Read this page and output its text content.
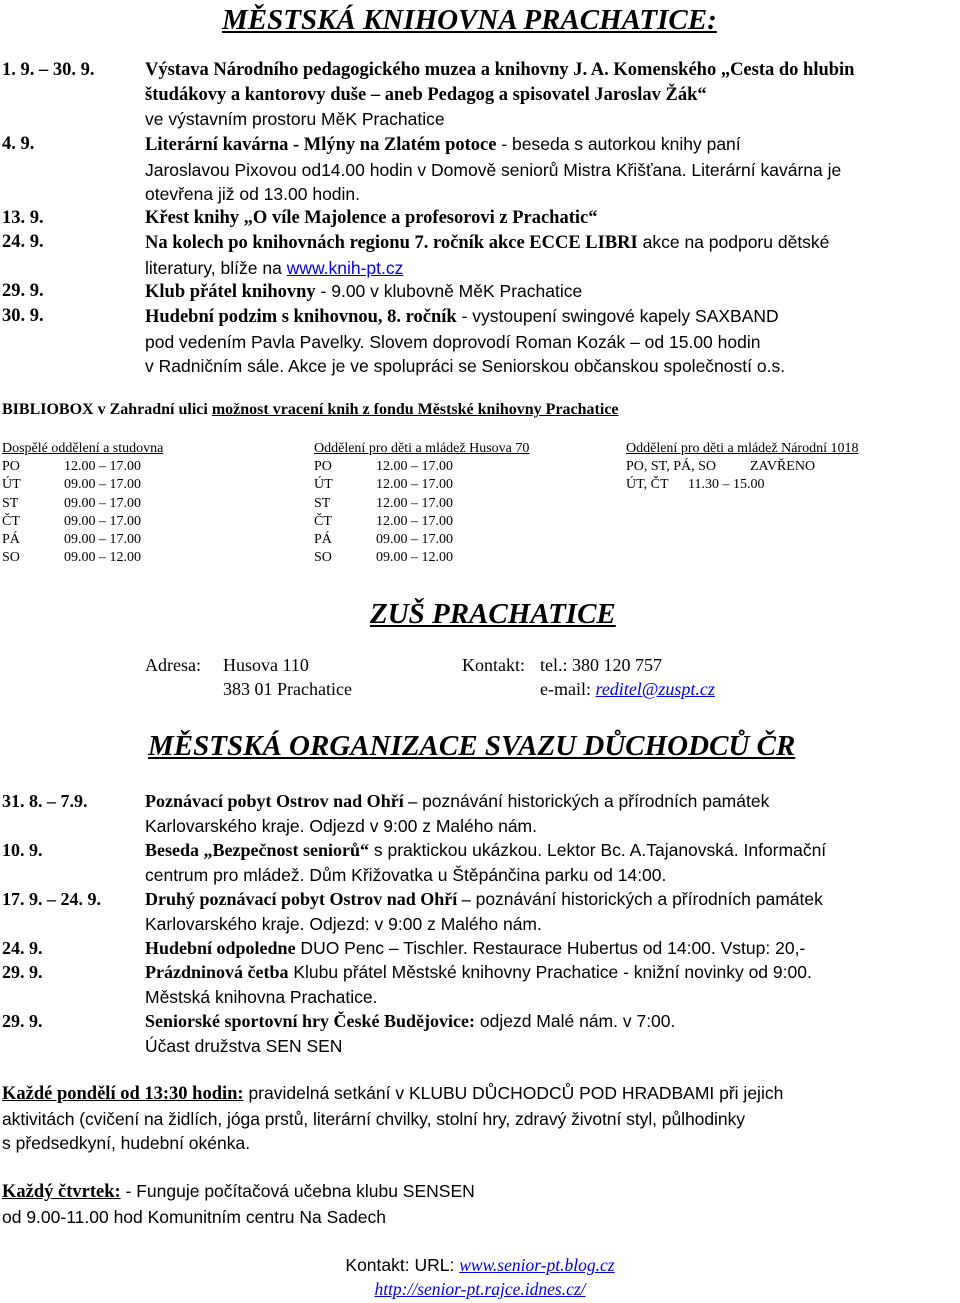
MĚSTSKÁ KNIHOVNA PRACHATICE:
1. 9. – 30. 9.	Výstava Národního pedagogického muzea a knihovny J. A. Komenského „Cesta do hlubin
študákovy a kantorovy duše – aneb Pedagog a spisovatel Jaroslav Žák“
ve výstavním prostoru MěK Prachatice
4. 9.	Literární kavárna - Mlýny na Zlatém potoce - beseda s autorkou knihy paní
Jaroslavou Pixovou od14.00 hodin v Domově seniorů Mistra Křišťana. Literární kavárna je
otevřena již od 13.00 hodin.
13. 9.	Křest knihy „O víle Majolence a profesorovi z Prachatic“
24. 9.	Na kolech po knihovnách regionu 7. ročník akce ECCE LIBRI akce na podporu dětské
literatury, blíže na www.knih-pt.cz
29. 9.	Klub přátel knihovny - 9.00 v klubovně MěK Prachatice
30. 9.	Hudební podzim s knihovnou, 8. ročník - vystoupení swingové kapely SAXBAND
pod vedením Pavla Pavelky. Slovem doprovodí Roman Kozák – od 15.00 hodin
v Radničním sále. Akce je ve spolupráci se Seniorskou občanskou společností o.s.
BIBLIOBOX v Zahradní ulici možnost vracení knih z fondu Městské knihovny Prachatice
Dospělé oddělení a studovna
PO	12.00 – 17.00
ÚT	09.00 – 17.00
ST	09.00 – 17.00
ČT	09.00 – 17.00
PÁ	09.00 – 17.00
SO	09.00 – 12.00
Oddělení pro děti a mládež Husova 70
PO	12.00 – 17.00
ÚT	12.00 – 17.00
ST	12.00 – 17.00
ČT	12.00 – 17.00
PÁ	09.00 – 17.00
SO	09.00 – 12.00
Oddělení pro děti a mládež Národní 1018
PO, ST, PÁ, SO ZAVŘENO
ÚT, ČT 11.30 – 15.00
ZUŠ PRACHATICE
Adresa: Husova 110
383 01 Prachatice
Kontakt: tel.: 380 120 757
e-mail: reditel@zuspt.cz
MĚSTSKÁ ORGANIZACE SVAZU DŮCHODCŮ ČR
31. 8. – 7.9.	Poznávací pobyt Ostrov nad Ohří – poznávání historických a přírodních památek
Karlovarského kraje. Odjezd v 9:00 z Malého nám.
10. 9.	Beseda „Bezpečnost seniorů“ s praktickou ukázkou. Lektor Bc. A.Tajanovská. Informační
centrum pro mládež. Dům Křižovatka u Štěpánčina parku od 14:00.
17. 9. – 24. 9. Druhý poznávací pobyt Ostrov nad Ohří – poznávání historických a přírodních památek
Karlovarského kraje. Odjezd: v 9:00 z Malého nám.
24. 9.	Hudební odpoledne DUO Penc – Tischler. Restaurace Hubertus od 14:00. Vstup: 20,-
29. 9.	Prázdninová četba Klubu přátel Městské knihovny Prachatice - knižní novinky od 9:00.
Městská knihovna Prachatice.
29. 9.	Seniorské sportovní hry České Budějovice: odjezd Malé nám. v 7:00.
Účast družstva SEN SEN
Každé pondělí od 13:30 hodin: pravidelná setkání v KLUBU DŮCHODCŮ POD HRADBAMI při jejich
aktivitách (cvičení na židlích, jóga prstů, literární chvilky, stolní hry, zdravý životní styl, půlhodinky
s předsedkyní, hudební okénka.
Každý čtvrtek: - Funguje počítačová učebna klubu SENSEN
od 9.00-11.00 hod Komunitním centru Na Sadech
Kontakt: URL: www.senior-pt.blog.cz
http://senior-pt.rajce.idnes.cz/
